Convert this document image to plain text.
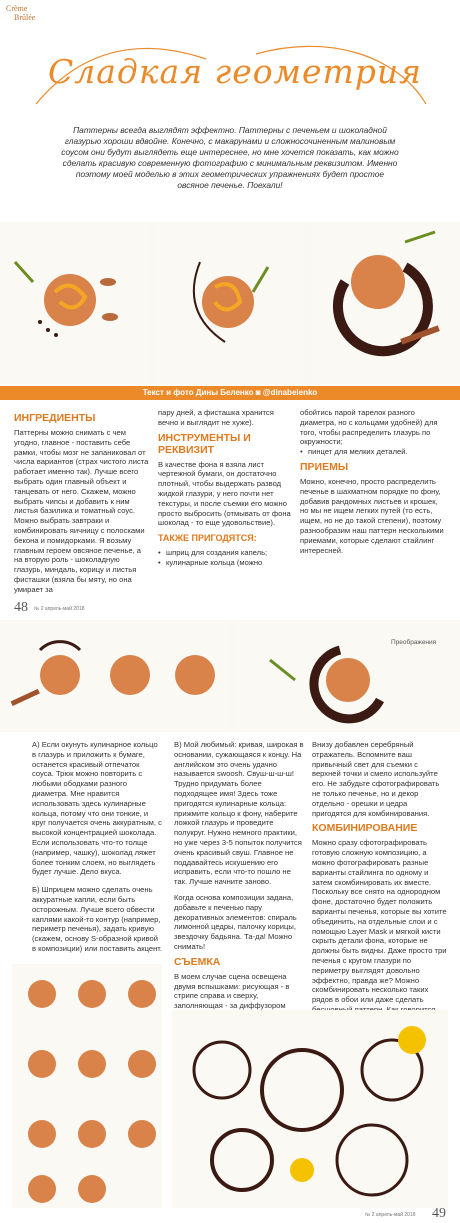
Crème
Brûlée
Сладкая геометрия
Паттерны всегда выглядят эффектно. Паттерны с печеньем и шоколадной глазурью хороши вдвойне. Конечно, с макарунами и сложносочиненным малиновым соусом они будут выглядеть еще интереснее, но мне хочется показать, как можно сделать красивую современную фотографию с минимальным реквизитом. Именно поэтому моей моделью в этих геометрических упражнениях будет простое овсяное печенье. Поехали!
Текст и фото Дины Беленко ◙ @dinabelenko
ИНГРЕДИЕНТЫ
Паттерны можно снимать с чем угодно, главное - поставить себе рамки, чтобы мозг не запаниковал от числа вариантов (страх чистого листа работает именно так). Лучше всего выбрать один главный объект и танцевать от него. Скажем, можно выбрать чипсы и добавить к ним листья базилика и томатный соус. Можно выбрать завтраки и комбинировать яичницу с полосками бекона и помидорками. Я возьму главным героем овсяное печенье, а на вторую роль - шоколадную глазурь, миндаль, корицу и листья фисташки (взяла бы мяту, но она умирает за
пару дней, а фисташка хранится вечно и выглядит не хуже).
ИНСТРУМЕНТЫ И РЕКВИЗИТ
В качестве фона я взяла лист чертежной бумаги, он достаточно плотный, чтобы выдержать развод жидкой глазури, у него почти нет текстуры, и после съемки его можно просто выбросить (отмывать от фона шоколад - то еще удовольствие).
ТАКЖЕ ПРИГОДЯТСЯ:
• шприц для создания капель;
• кулинарные кольца (можно
обойтись парой тарелок разного диаметра, но с кольцами удобней) для того, чтобы распределить глазурь по окружности;
• пинцет для мелких деталей.
ПРИЕМЫ
Можно, конечно, просто распределить печенье в шахматном порядке по фону, добавив рандомных листьев и крошек, но мы не ищем легких путей (то есть, ищем, но не до такой степени), поэтому разнообразим наш паттерн несколькими приемами, которые сделают стайлинг интересней.
48 № 2 апрель-май 2018
Преображения
А) Если окунуть кулинарное кольцо в глазурь и приложить к бумаге, останется красивый отпечаток соуса. Трюк можно повторить с любыми ободками разного диаметра. Мне нравится использовать здесь кулинарные кольца, потому что они тонкие, и круг получается очень аккуратным, с высокой концентрацией шоколада. Если использовать что-то толще (например, чашку), шоколад ляжет более тонким слоем, но выглядеть будет лучше. Дело вкуса.
Б) Шприцем можно сделать очень аккуратные капли, если быть осторожным. Лучше всего обвести каплями какой-то контур (например, периметр печенья), задать кривую (скажем, основу S-образной кривой в композиции) или поставить акцент.
В) Мой любимый: кривая, широкая в основании, сужающаяся к концу. На английском это очень удачно называется swoosh. Свуш-ш-ш-ш! Трудно придумать более подходящее имя! Здесь тоже пригодятся кулинарные кольца: прижмите кольцо к фону, наберите ложкой глазурь и проведите полукруг. Нужно немного практики, но уже через 3-5 попыток получится очень красивый свуш. Главное не поддавайтесь искушению его исправить, если что-то пошло не так. Лучше начните заново.
Когда основа композиции задана, добавьте к печенью пару декоративных элементов: спираль лимонной цедры, палочку корицы, звездочку бадьяна. Та-да! Можно снимать!
СЪЕМКА
В моем случае сцена освещена двумя вспышками: рисующая - в стрипе справа и сверху, заполняющая - за диффузором
Внизу добавлен серебряный отражатель. Вспомните ваш привычный свет для съемки с верхней точки и смело используйте его. Не забудьте сфотографировать не только печенье, но и декор отдельно - орешки и цедра пригодятся для комбинирования.
КОМБИНИРОВАНИЕ
Можно сразу сфотографировать готовую сложную композицию, а можно фотографировать разные варианты стайлинга по одному и затем скомбинировать их вместе. Поскольку все снято на однородном фоне, достаточно будет положить варианты печенья, которые вы хотите объединить, на отдельные слои и с помощью Layer Mask и мягкой кисти скрыть детали фона, которые не должны быть видны. Даже просто три печенья с кругом глазури по периметру выглядят довольно эффектно, правда же? Можно скомбинировать несколько таких рядов в обои или даже сделать
49
№ 2 апрель-май 2018
